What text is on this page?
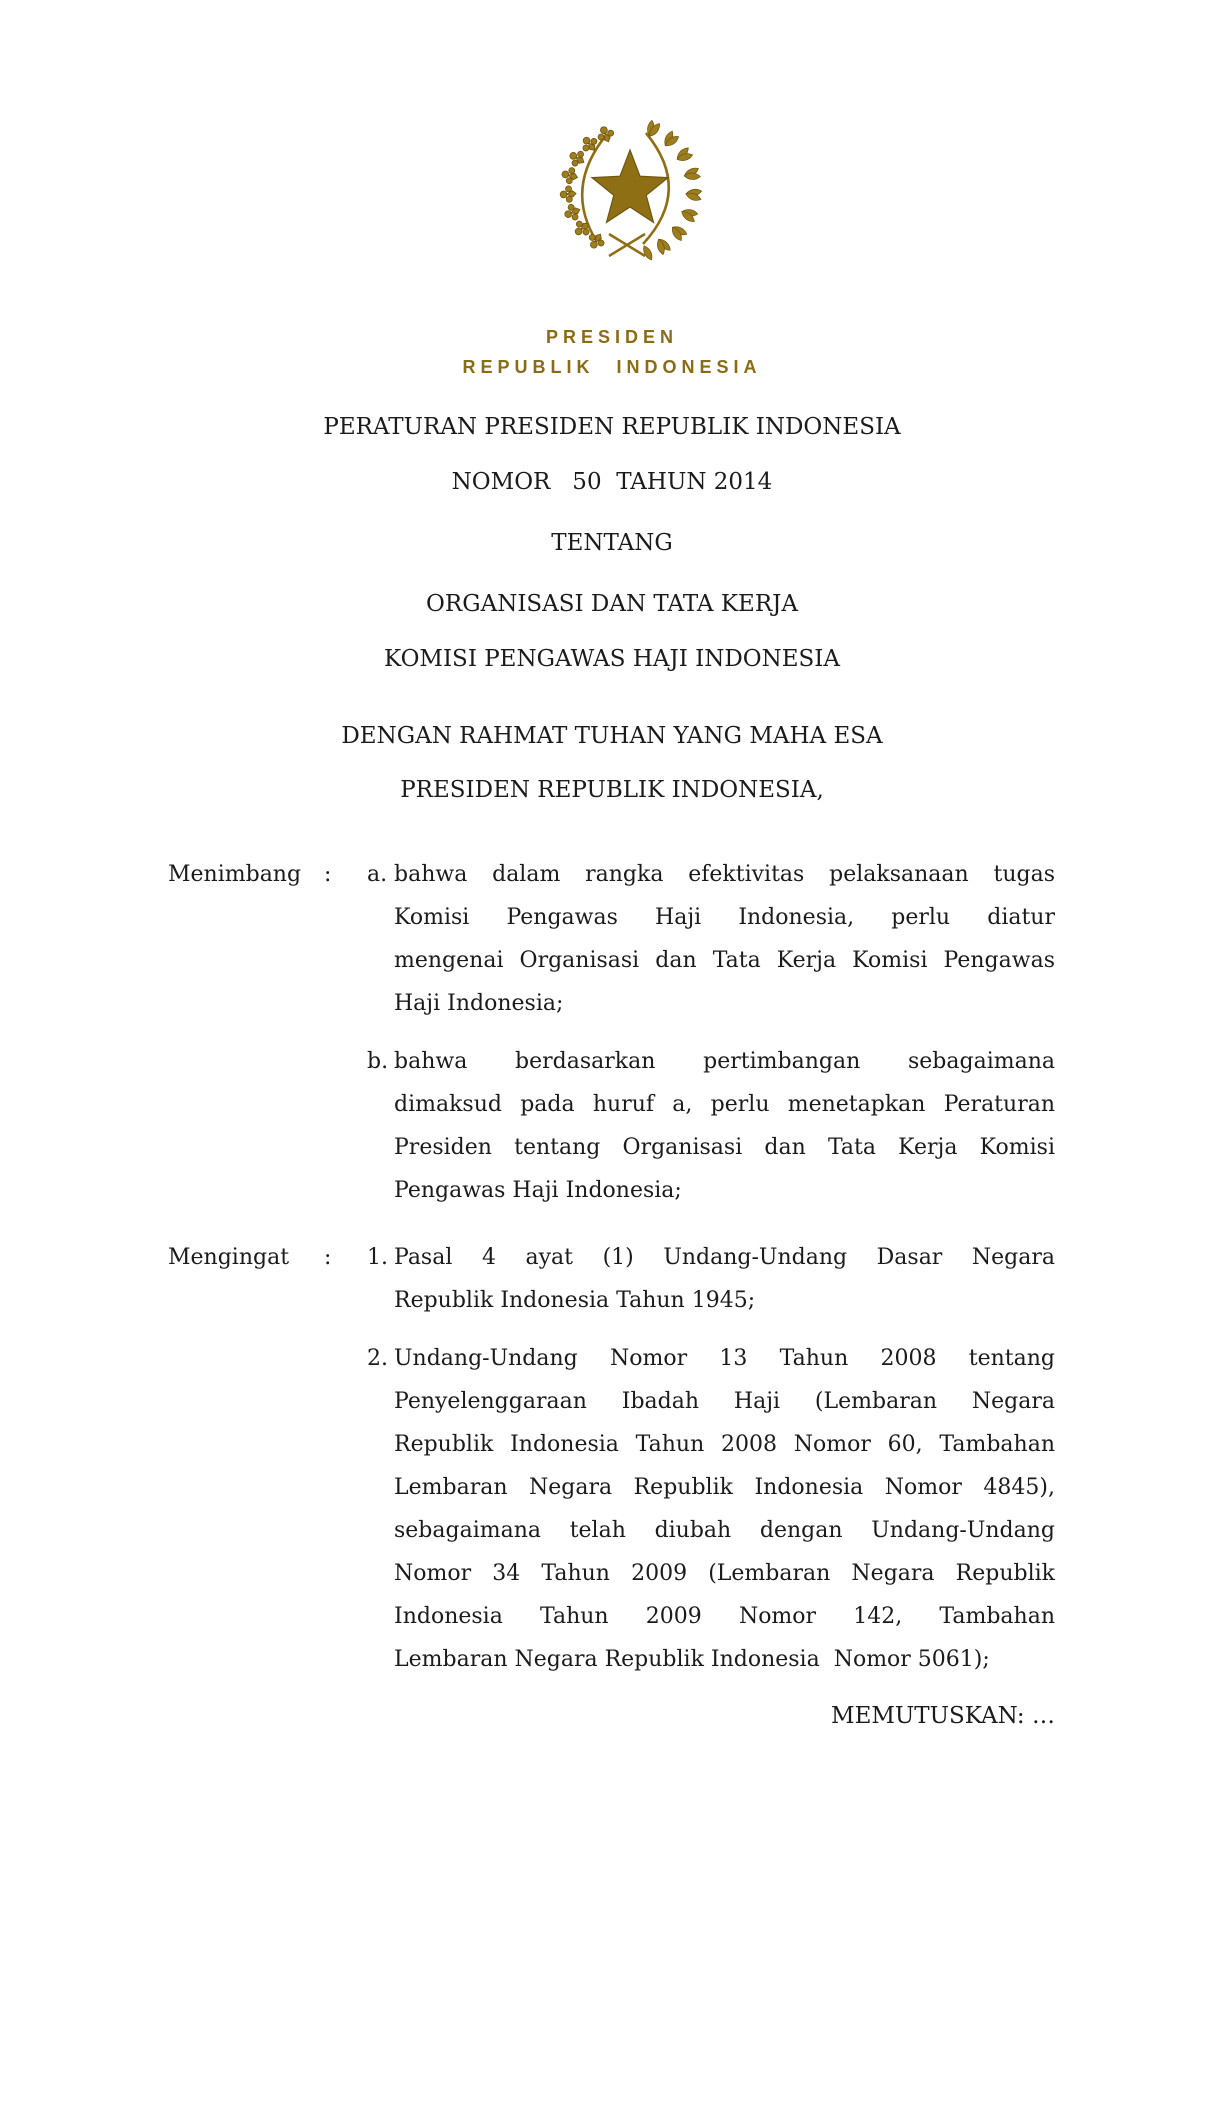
PRESIDEN
REPUBLIK INDONESIA
PERATURAN PRESIDEN REPUBLIK INDONESIA
NOMOR   50  TAHUN 2014
TENTANG
ORGANISASI DAN TATA KERJA
KOMISI PENGAWAS HAJI INDONESIA
DENGAN RAHMAT TUHAN YANG MAHA ESA
PRESIDEN REPUBLIK INDONESIA,
Menimbang	:	a. bahwa dalam rangka efektivitas pelaksanaan tugas
Komisi Pengawas Haji Indonesia, perlu diatur
mengenai Organisasi dan Tata Kerja Komisi Pengawas
Haji Indonesia;
b. bahwa berdasarkan pertimbangan sebagaimana
dimaksud pada huruf a, perlu menetapkan Peraturan
Presiden tentang Organisasi dan Tata Kerja Komisi
Pengawas Haji Indonesia;
Mengingat	:	1. Pasal 4 ayat (1) Undang-Undang Dasar Negara
Republik Indonesia Tahun 1945;
2. Undang-Undang Nomor 13 Tahun 2008 tentang
Penyelenggaraan Ibadah Haji (Lembaran Negara
Republik Indonesia Tahun 2008 Nomor 60, Tambahan
Lembaran Negara Republik Indonesia Nomor 4845),
sebagaimana telah diubah dengan Undang-Undang
Nomor 34 Tahun 2009 (Lembaran Negara Republik
Indonesia Tahun 2009 Nomor 142, Tambahan
Lembaran Negara Republik Indonesia  Nomor 5061);
MEMUTUSKAN: …
